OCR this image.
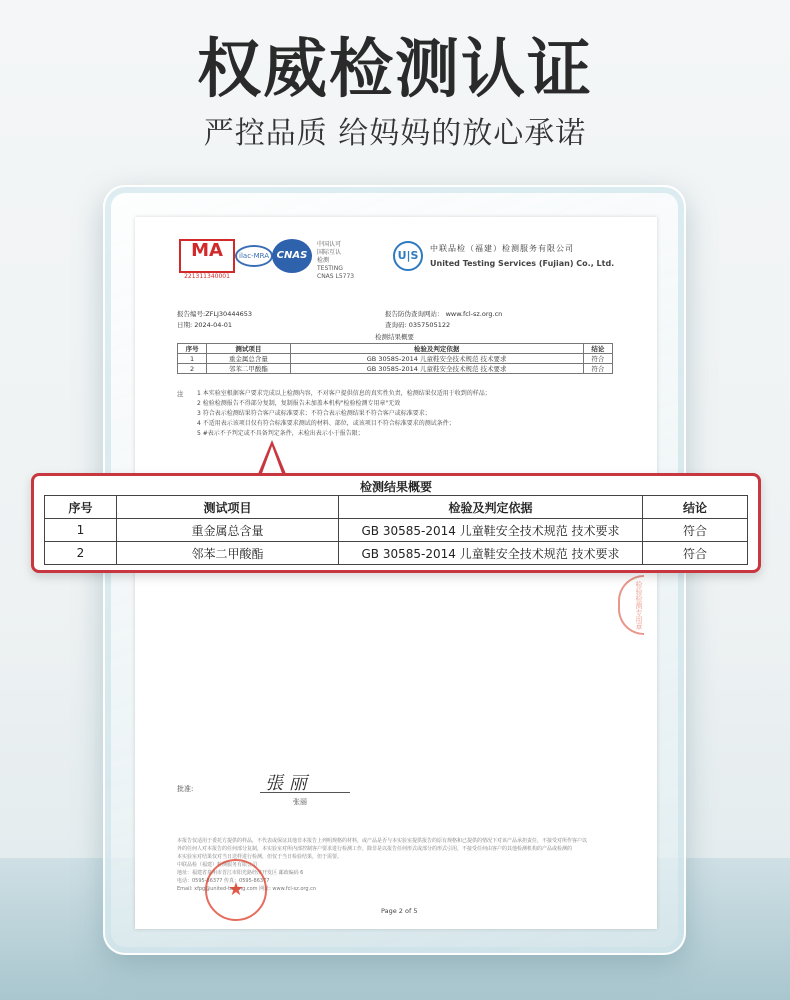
权威检测认证
严控品质 给妈妈的放心承诺
MA
221311340001
ilac-MRA CNAS
中国认可
国际互认
检测
TESTING
CNAS L5773
U|S
中联品检（福建）检测服务有限公司
United Testing Services (Fujian) Co., Ltd.
报告编号:ZFLJ30444653
日期: 2024-04-01
报告防伪查询网站： www.fcl-sz.org.cn
查询码: 0357505122
检测结果概要
序号	测试项目	检验及判定依据	结论
1	重金属总含量	GB 30585-2014 儿童鞋安全技术规范 技术要求	符合
2	邻苯二甲酸酯	GB 30585-2014 儿童鞋安全技术规范 技术要求	符合
注 1 本实验室根据客户要求完成以上检测内容，不对客户提供信息的真实性负责，检测结果仅适用于收到的样品；
2 检验检测报告不得部分复制，复制报告未加盖本机构"检验检测专用章"无效
3 符合表示检测结果符合客户或标准要求；不符合表示检测结果不符合客户或标准要求；
4 不适用表示该项目仅有符合标准要求测试的材料、部位，或该项目不符合标准要求的测试条件；
5 #表示不予判定或不具备判定条件，未检出表示小于报告限；
批准:	張 丽
张丽
本报告仅适用于委托方提供的样品，不代表或保证其他非本报告上列明规格的材料，或产品是否与本实验室提供报告的原有规格和已提供的情况下对该产品承担责任，不接受对所作客户以
外的任何人对本报告的任何部分复制，本实验室对所内部控制客户要求进行检测工作，除非是以报告任何形式或部分的形式引用，不接受任何由客户的其他检测机构的产品或检测的
本实验室对结果仅对当日送样进行检测，但仅于当日检验结果，但于需要。
中联品检（福建）检测服务有限公司
地址：福建省泉州市晋江市阳光路经济开发区 邮政编码 6
电话：0595-86377 传真：0595-86377
Email: xfpg@united-testing.com 网址: www.fcl-sz.org.cn
★
Page 2 of 5
检验检测专用章
检测结果概要
序号	测试项目	检验及判定依据	结论
1	重金属总含量	GB 30585-2014 儿童鞋安全技术规范 技术要求	符合
2	邻苯二甲酸酯	GB 30585-2014 儿童鞋安全技术规范 技术要求	符合
